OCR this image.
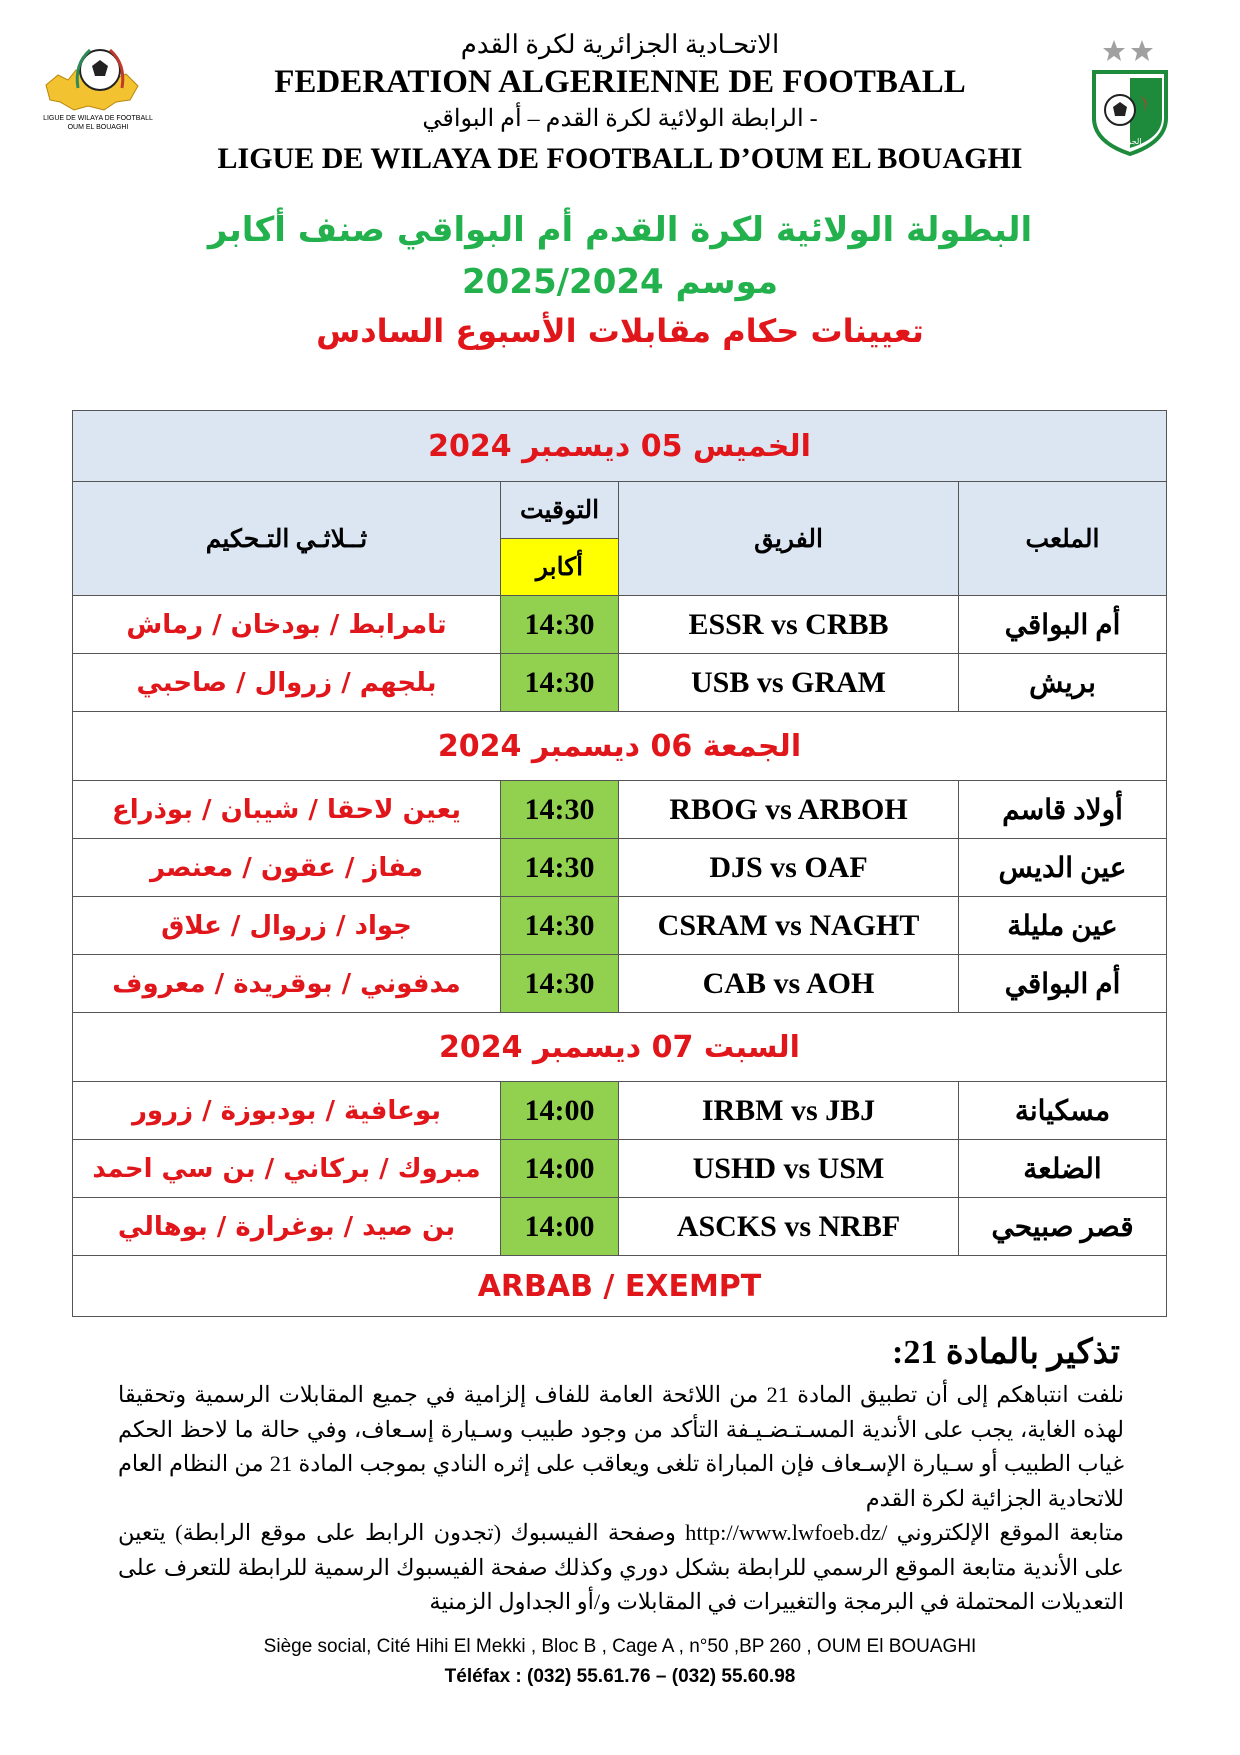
LIGUE DE WILAYA DE FOOTBALL
OUM EL BOUAGHI
الجزائر
الاتحـادية الجزائرية لكرة القدم
FEDERATION ALGERIENNE DE FOOTBALL
الرابطة الولائية لكرة القدم – أم البواقي -
LIGUE DE WILAYA DE FOOTBALL D’OUM EL BOUAGHI
البطولة الولائية لكرة القدم أم البواقي صنف أكابر
موسم 2025/2024
تعيينات حكام مقابلات الأسبوع السادس
الخميس 05 ديسمبر 2024			
ثــلاثـي التـحكيم	التوقيت	الفريق	الملعب
	أكابر		
تامرابط / بودخان / رماش	14:30	ESSR vs CRBB	أم البواقي
بلجهم / زروال / صاحبي	14:30	USB vs GRAM	بريش
الجمعة 06 ديسمبر 2024			
يعين لاحقا / شيبان / بوذراع	14:30	RBOG vs ARBOH	أولاد قاسم
مفاز / عقون / معنصر	14:30	DJS vs OAF	عين الديس
جواد / زروال / علاق	14:30	CSRAM vs NAGHT	عين مليلة
مدفوني / بوقريدة / معروف	14:30	CAB vs AOH	أم البواقي
السبت 07 ديسمبر 2024			
بوعافية / بودبوزة / زرور	14:00	IRBM vs JBJ	مسكيانة
مبروك / بركاني / بن سي احمد	14:00	USHD vs USM	الضلعة
بن صيد / بوغرارة / بوهالي	14:00	ASCKS vs NRBF	قصر صبيحي
ARBAB / EXEMPT			
تذكير بالمادة 21:

نلفت انتباهكم إلى أن تطبيق المادة 21 من اللائحة العامة للفاف إلزامية في جميع المقابلات الرسمية وتحقيقا لهذه الغاية، يجب على الأندية المسـتـضـيـفة التأكد من وجود طبيب وسـيارة إسـعاف، وفي حالة ما لاحظ الحكم غياب الطبيب أو سـيارة الإسـعاف فإن المباراة تلغى ويعاقب على إثره النادي بموجب المادة 21 من النظام العام للاتحادية الجزائية لكرة القدم

متابعة الموقع الإلكتروني /http://www.lwfoeb.dz وصفحة الفيسبوك (تجدون الرابط على موقع الرابطة) يتعين على الأندية متابعة الموقع الرسمي للرابطة بشكل دوري وكذلك صفحة الفيسبوك الرسمية للرابطة للتعرف على التعديلات المحتملة في البرمجة والتغييرات في المقابلات و/أو الجداول الزمنية

Siège social, Cité Hihi El Mekki , Bloc B , Cage A , n°50 ,BP 260 , OUM El BOUAGHI
Téléfax : (032) 55.61.76 – (032) 55.60.98
